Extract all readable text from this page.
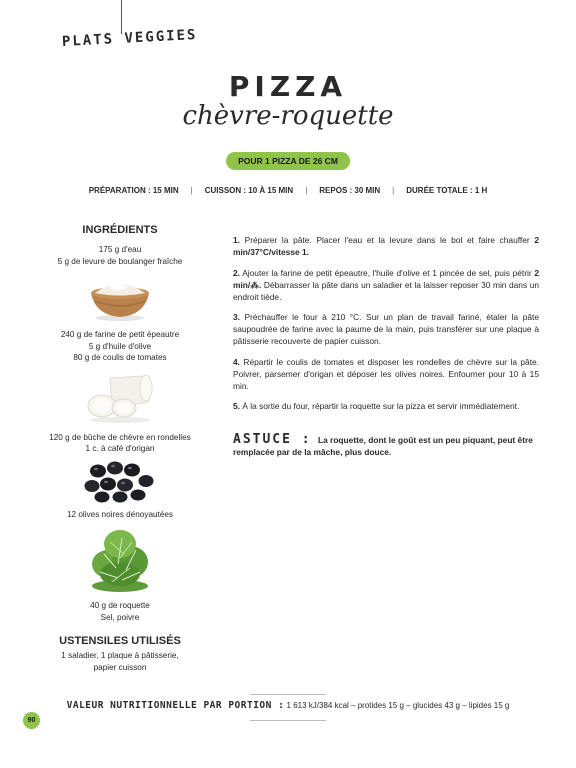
PLATS VEGGIES
PIZZA
chèvre-roquette
POUR 1 PIZZA DE 26 CM
PRÉPARATION : 15 MIN | CUISSON : 10 À 15 MIN | REPOS : 30 MIN | DURÉE TOTALE : 1 H
INGRÉDIENTS
175 g d'eau
5 g de levure de boulanger fraîche
240 g de farine de petit épeautre
5 g d'huile d'olive
80 g de coulis de tomates
120 g de bûche de chèvre en rondelles
1 c. à café d'origan
12 olives noires dénoyautées
40 g de roquette
Sel, poivre
USTENSILES UTILISÉS
1 saladier, 1 plaque à pâtisserie,
papier cuisson

1. Préparer la pâte. Placer l'eau et la levure dans le bol et faire chauffer 2 min/37°C/vitesse 1.

2. Ajouter la farine de petit épeautre, l'huile d'olive et 1 pincée de sel, puis pétrir 2 min/⁂. Débarrasser la pâte dans un saladier et la laisser reposer 30 min dans un endroit tiède.

3. Préchauffer le four à 210 °C. Sur un plan de travail fariné, étaler la pâte saupoudrée de farine avec la paume de la main, puis transférer sur une plaque à pâtisserie recouverte de papier cuisson.

4. Répartir le coulis de tomates et disposer les rondelles de chèvre sur la pâte. Poivrer, parsemer d'origan et déposer les olives noires. Enfourner pour 10 à 15 min.

5. À la sortie du four, répartir la roquette sur la pizza et servir immédiatement.

ASTUCE : La roquette, dont le goût est un peu piquant, peut être remplacée par de la mâche, plus douce.
VALEUR NUTRITIONNELLE PAR PORTION : 1 613 kJ/384 kcal – protides 15 g – glucides 43 g – lipides 15 g
90
